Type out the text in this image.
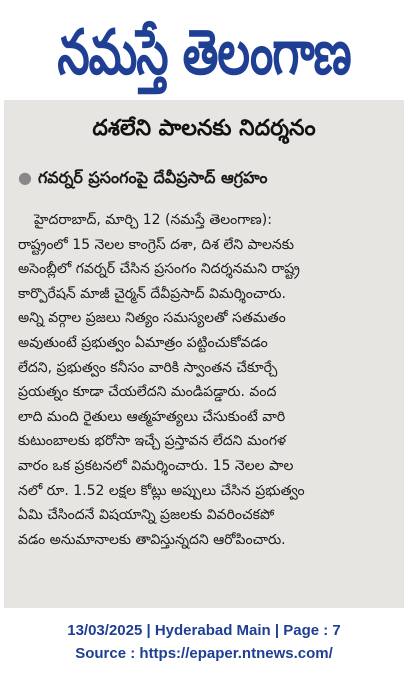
నమస్తే తెలంగాణ
దశలేని పాలనకు నిదర్శనం
● గవర్నర్ ప్రసంగంపై దేవీప్రసాద్ ఆగ్రహం
హైదరాబాద్, మార్చి 12 (నమస్తే తెలంగాణ):
రాష్ట్రంలో 15 నెలల కాంగ్రెస్ దశా, దిశ లేని పాలనకు
అసెంబ్లీలో గవర్నర్ చేసిన ప్రసంగం నిదర్శనమని రాష్ట్ర
కార్పొరేషన్ మాజీ చైర్మన్ దేవీప్రసాద్ విమర్శించారు.
అన్ని వర్గాల ప్రజలు నిత్యం సమస్యలతో సతమతం
అవుతుంటే ప్రభుత్వం ఏమాత్రం పట్టించుకోవడం
లేదని, ప్రభుత్వం కనీసం వారికి స్వాంతన చేకూర్చే
ప్రయత్నం కూడా చేయలేదని మండిపడ్డారు. వంద
లాది మంది రైతులు ఆత్మహత్యలు చేసుకుంటే వారి
కుటుంబాలకు భరోసా ఇచ్చే ప్రస్తావన లేదని మంగళ
వారం ఒక ప్రకటనలో విమర్శించారు. 15 నెలల పాల
నలో రూ. 1.52 లక్షల కోట్లు అప్పులు చేసిన ప్రభుత్వం
ఏమి చేసిందనే విషయాన్ని ప్రజలకు వివరించకపో
వడం అనుమానాలకు తావిస్తున్నదని ఆరోపించారు.
13/03/2025 | Hyderabad Main | Page : 7
Source : https://epaper.ntnews.com/
